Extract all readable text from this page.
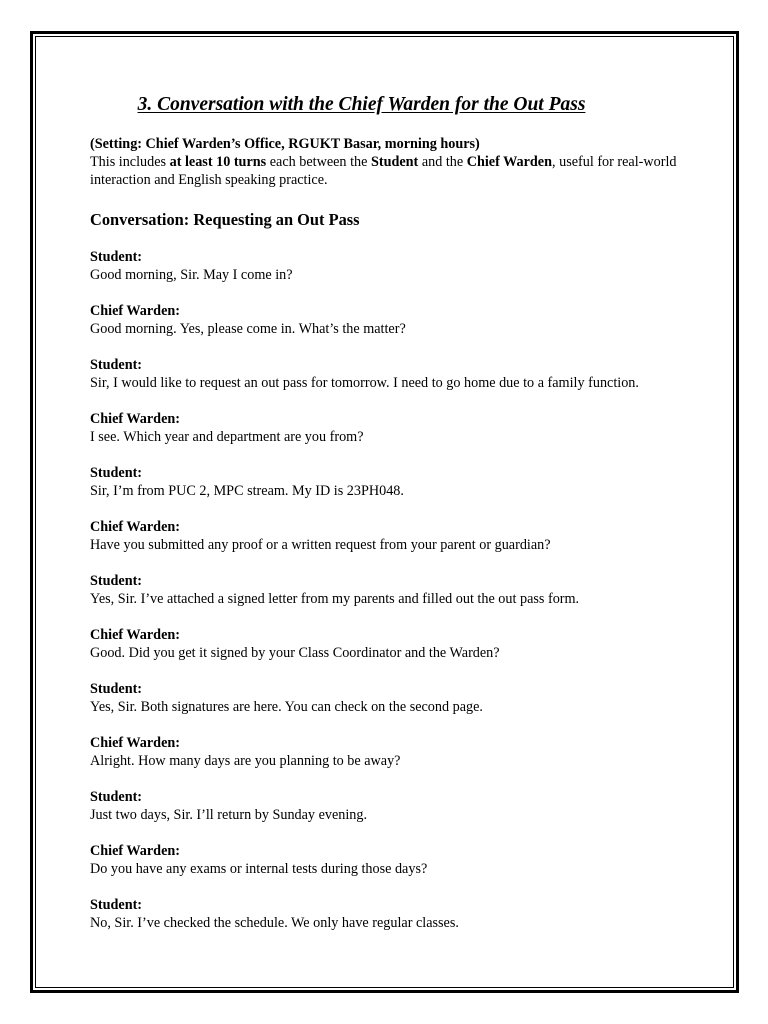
3. Conversation with the Chief Warden for the Out Pass

(Setting: Chief Warden’s Office, RGUKT Basar, morning hours)

This includes at least 10 turns each between the Student and the Chief Warden, useful for real-world interaction and English speaking practice.

Conversation: Requesting an Out Pass
Student:
Good morning, Sir. May I come in?
Chief Warden:
Good morning. Yes, please come in. What’s the matter?
Student:
Sir, I would like to request an out pass for tomorrow. I need to go home due to a family function.
Chief Warden:
I see. Which year and department are you from?
Student:
Sir, I’m from PUC 2, MPC stream. My ID is 23PH048.
Chief Warden:
Have you submitted any proof or a written request from your parent or guardian?
Student:
Yes, Sir. I’ve attached a signed letter from my parents and filled out the out pass form.
Chief Warden:
Good. Did you get it signed by your Class Coordinator and the Warden?
Student:
Yes, Sir. Both signatures are here. You can check on the second page.
Chief Warden:
Alright. How many days are you planning to be away?
Student:
Just two days, Sir. I’ll return by Sunday evening.
Chief Warden:
Do you have any exams or internal tests during those days?
Student:
No, Sir. I’ve checked the schedule. We only have regular classes.
